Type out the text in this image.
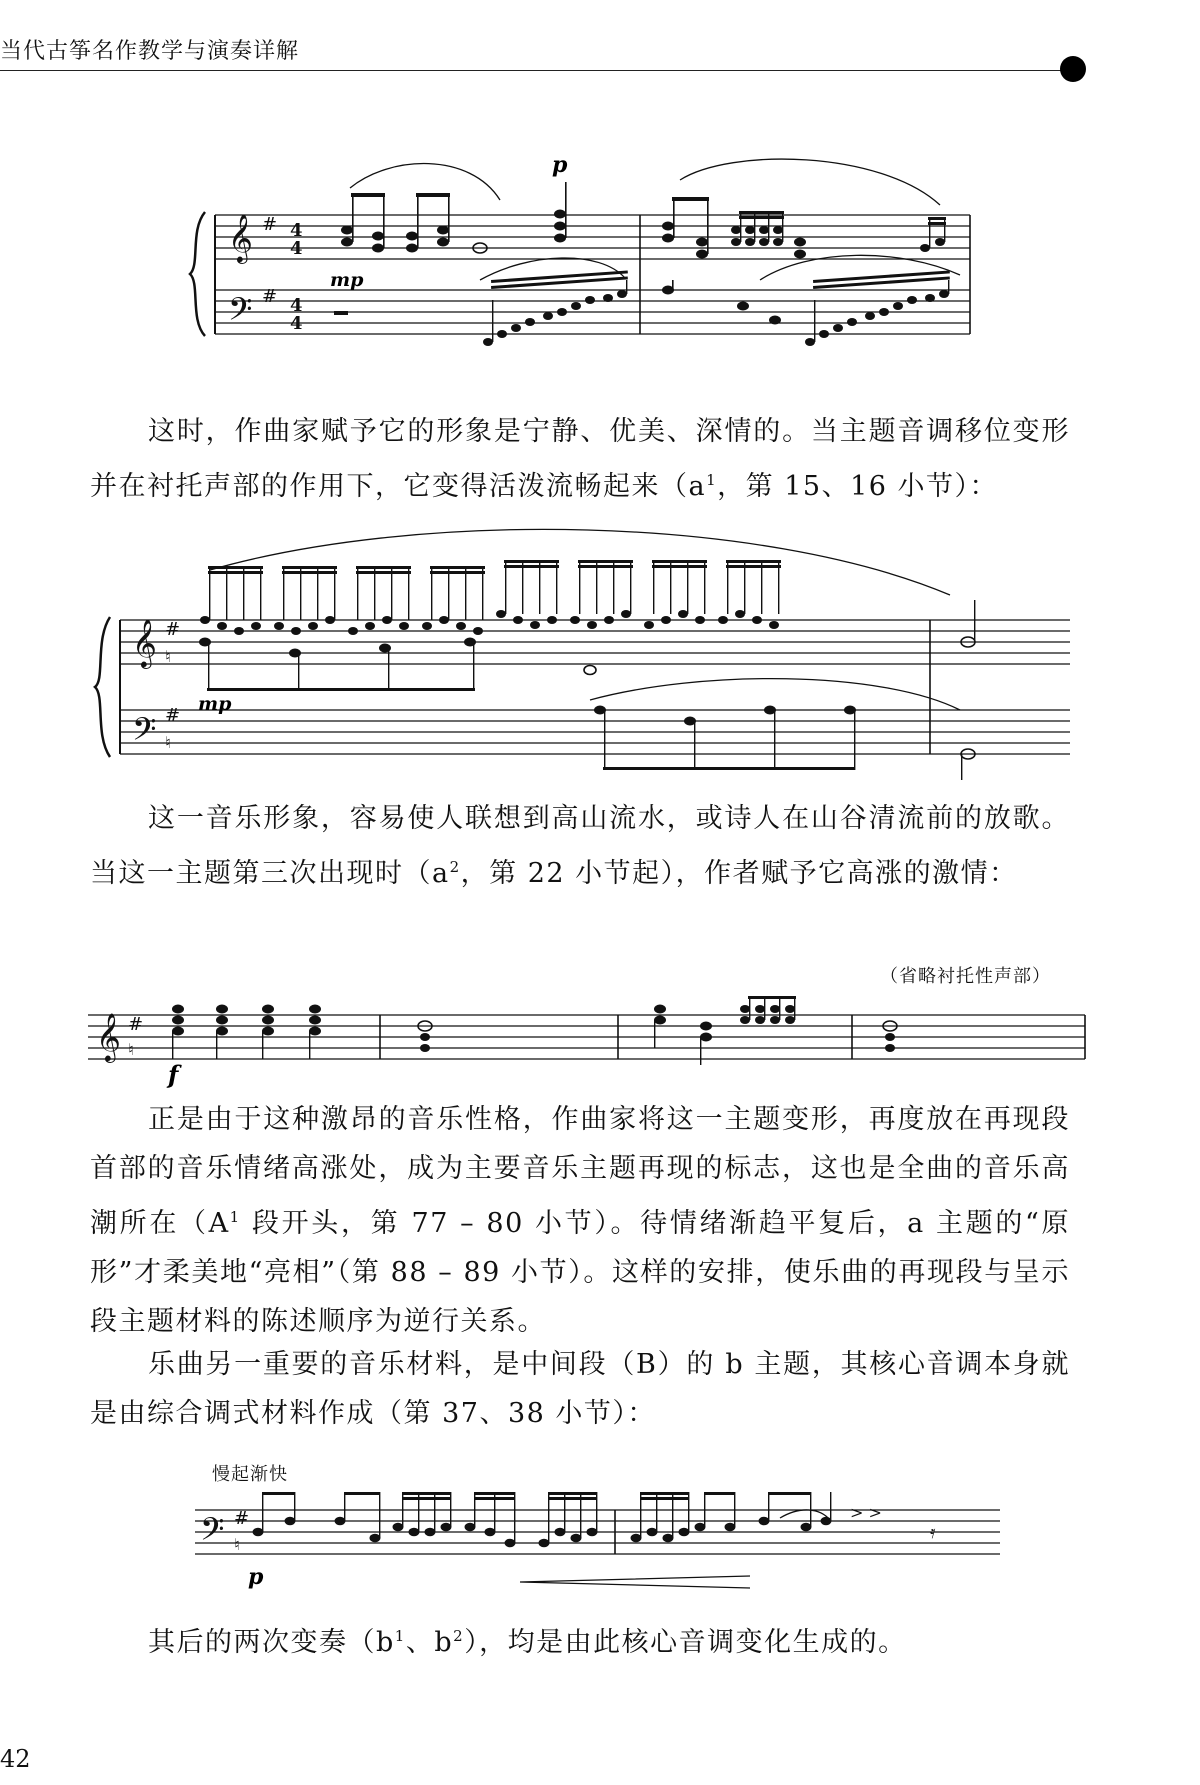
当代古筝名作教学与演奏详解
𝄞
𝄢
#
#
4
4
4
4
p
mp

这时，作曲家赋予它的形象是宁静、优美、深情的。当主题音调移位变形并在衬托声部的作用下，它变得活泼流畅起来（$a^1$，第 15、16 小节）：

𝄞
𝄢
#
#
♮
♮
mp

这一音乐形象，容易使人联想到高山流水，或诗人在山谷清流前的放歌。当这一主题第三次出现时（$a^2$，第 22 小节起），作者赋予它高涨的激情：

（省略衬托性声部）
𝄞 #
♮
f

正是由于这种激昂的音乐性格，作曲家将这一主题变形，再度放在再现段首部的音乐情绪高涨处，成为主要音乐主题再现的标志，这也是全曲的音乐高潮所在（$A^1$ 段开头，第 77 – 80 小节）。待情绪渐趋平复后，a 主题的“原形”才柔美地“亮相”（第 88 – 89 小节）。这样的安排，使乐曲的再现段与呈示段主题材料的陈述顺序为逆行关系。

乐曲另一重要的音乐材料，是中间段（B）的 b 主题，其核心音调本身就是由综合调式材料作成（第 37、38 小节）：

慢起渐快
𝄢 #
♮
> >
𝄿
p

其后的两次变奏（$b^1$、$b^2$），均是由此核心音调变化生成的。

42
